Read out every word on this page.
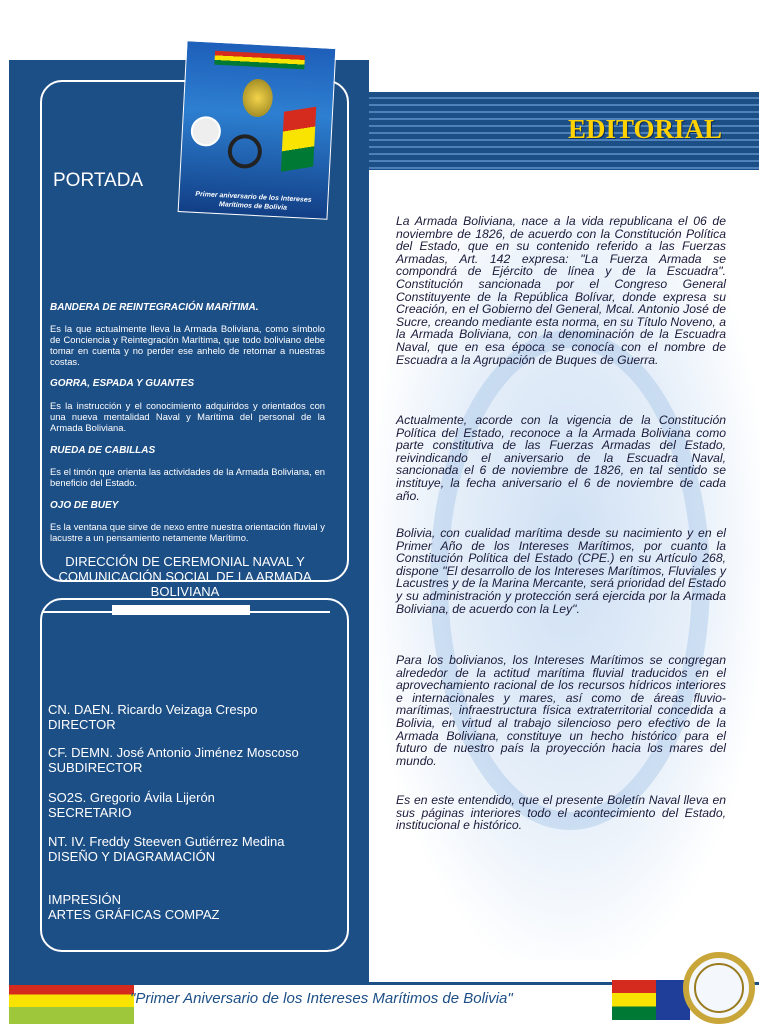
Primer aniversario de los Intereses Marítimos de Bolivia
PORTADA
BANDERA DE REINTEGRACIÓN MARÍTIMA.
Es la que actualmente lleva la Armada Boliviana, como símbolo de Conciencia y Reintegración Marítima, que todo boliviano debe tomar en cuenta y no perder ese anhelo de retornar a nuestras costas.
GORRA, ESPADA Y GUANTES
Es la instrucción y el conocimiento adquiridos y orientados con una nueva mentalidad Naval y Marítima del personal de la Armada Boliviana.
RUEDA DE CABILLAS
Es el timón que orienta las actividades de la Armada Boliviana, en beneficio del Estado.
OJO DE BUEY
Es la ventana que sirve de nexo entre nuestra orientación fluvial y lacustre a un pensamiento netamente Marítimo.
DIRECCIÓN DE CEREMONIAL NAVAL Y COMUNICACIÓN SOCIAL DE LA ARMADA BOLIVIANA
CN. DAEN. Ricardo Veizaga Crespo
DIRECTOR
CF. DEMN. José Antonio Jiménez Moscoso
SUBDIRECTOR
SO2S. Gregorio Ávila Lijerón
SECRETARIO
NT. IV. Freddy Steeven Gutiérrez Medina
DISEÑO Y DIAGRAMACIÓN
IMPRESIÓN
ARTES GRÁFICAS COMPAZ
EDITORIAL
La Armada Boliviana, nace a la vida republicana el 06 de noviembre de 1826, de acuerdo con la Constitución Política del Estado, que en su contenido referido a las Fuerzas Armadas, Art. 142 expresa: "La Fuerza Armada se compondrá de Ejército de línea y de la Escuadra". Constitución sancionada por el Congreso General Constituyente de la República Bolívar, donde expresa su Creación, en el Gobierno del General, Mcal. Antonio José de Sucre, creando mediante esta norma, en su Título Noveno, a la Armada Boliviana, con la denominación de la Escuadra Naval, que en esa época se conocía con el nombre de Escuadra a la Agrupación de Buques de Guerra.
Actualmente, acorde con la vigencia de la Constitución Política del Estado, reconoce a la Armada Boliviana como parte constitutiva de las Fuerzas Armadas del Estado, reivindicando el aniversario de la Escuadra Naval, sancionada el 6 de noviembre de 1826, en tal sentido se instituye, la fecha aniversario el 6 de noviembre de cada año.
Bolivia, con cualidad marítima desde su nacimiento y en el Primer Año de los Intereses Marítimos, por cuanto la Constitución Política del Estado (CPE.) en su Artículo 268, dispone "El desarrollo de los Intereses Marítimos, Fluviales y Lacustres y de la Marina Mercante, será prioridad del Estado y su administración y protección será ejercida por la Armada Boliviana, de acuerdo con la Ley".
Para los bolivianos, los Intereses Marítimos se congregan alrededor de la actitud marítima fluvial traducidos en el aprovechamiento racional de los recursos hídricos interiores e internacionales y mares, así como de áreas fluvio-marítimas, infraestructura física extraterritorial concedida a Bolivia, en virtud al trabajo silencioso pero efectivo de la Armada Boliviana, constituye un hecho histórico para el futuro de nuestro país la proyección hacia los mares del mundo.
Es en este entendido, que el presente Boletín Naval lleva en sus páginas interiores todo el acontecimiento del Estado, institucional e histórico.
"Primer Aniversario de los Intereses Marítimos de Bolivia"
